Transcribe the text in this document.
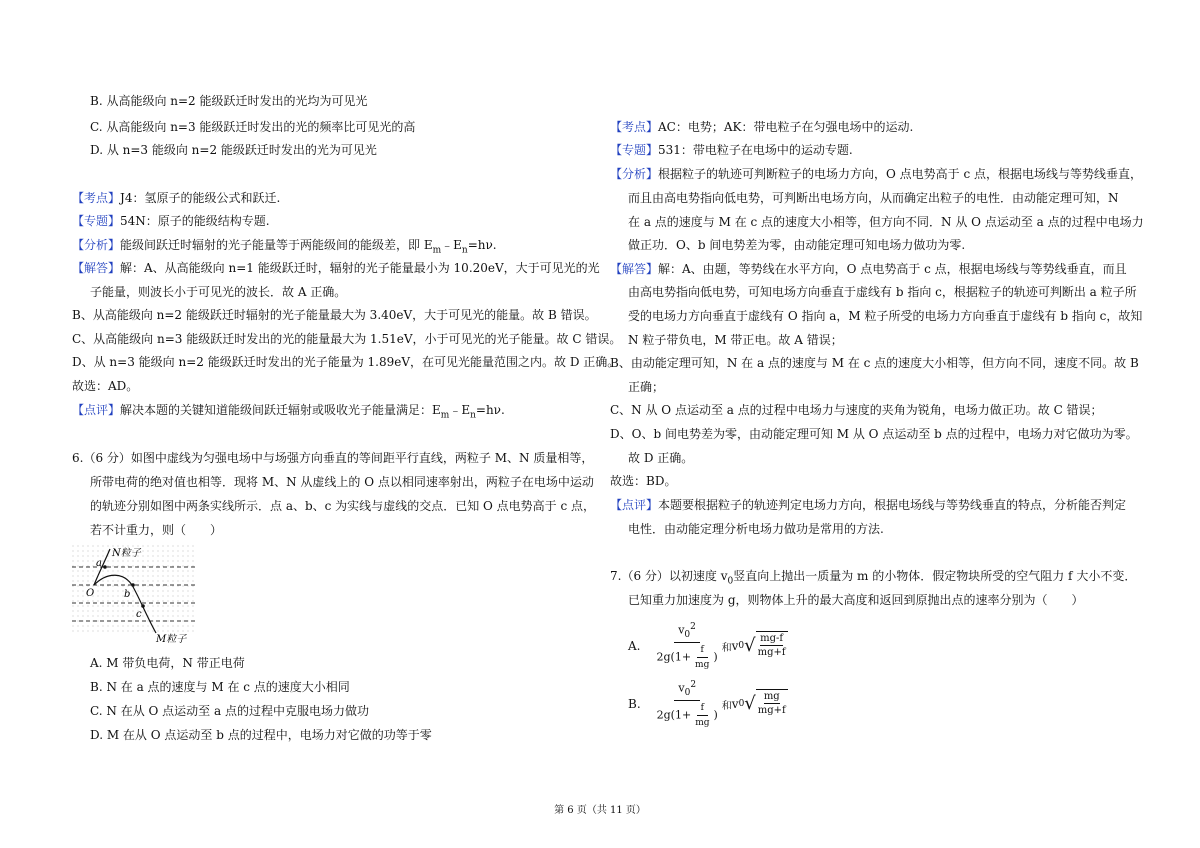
B. 从高能级向 n=2 能级跃迁时发出的光均为可见光
C. 从高能级向 n=3 能级跃迁时发出的光的频率比可见光的高
D. 从 n=3 能级向 n=2 能级跃迁时发出的光为可见光
【考点】J4：氢原子的能级公式和跃迁.
【专题】54N：原子的能级结构专题.
【分析】能级间跃迁时辐射的光子能量等于两能级间的能级差，即 $E_m﹣E_n=h\nu$.
【解答】解：A、从高能级向 n=1 能级跃迁时，辐射的光子能量最小为 10.20eV，大于可见光的光
子能量，则波长小于可见光的波长．故 A 正确。
B、从高能级向 n=2 能级跃迁时辐射的光子能量最大为 3.40eV，大于可见光的能量。故 B 错误。
C、从高能级向 n=3 能级跃迁时发出的光的能量最大为 1.51eV，小于可见光的光子能量。故 C 错误。
D、从 n=3 能级向 n=2 能级跃迁时发出的光子能量为 1.89eV，在可见光能量范围之内。故 D 正确。
故选：AD。
【点评】解决本题的关键知道能级间跃迁辐射或吸收光子能量满足：$E_m﹣E_n=h\nu$.
6.（6 分）如图中虚线为匀强电场中与场强方向垂直的等间距平行直线，两粒子 M、N 质量相等，
所带电荷的绝对值也相等．现将 M、N 从虚线上的 O 点以相同速率射出，两粒子在电场中运动
的轨迹分别如图中两条实线所示．点 a、b、c 为实线与虚线的交点．已知 O 点电势高于 c 点，
若不计重力，则（　　）
N粒子
a
O	b
c
M粒子
A. M 带负电荷，N 带正电荷
B. N 在 a 点的速度与 M 在 c 点的速度大小相同
C. N 在从 O 点运动至 a 点的过程中克服电场力做功
D. M 在从 O 点运动至 b 点的过程中，电场力对它做的功等于零
【考点】AC：电势；AK：带电粒子在匀强电场中的运动.
【专题】531：带电粒子在电场中的运动专题.
【分析】根据粒子的轨迹可判断粒子的电场力方向，O 点电势高于 c 点，根据电场线与等势线垂直，
而且由高电势指向低电势，可判断出电场方向，从而确定出粒子的电性．由动能定理可知，N
在 a 点的速度与 M 在 c 点的速度大小相等，但方向不同．N 从 O 点运动至 a 点的过程中电场力
做正功．O、b 间电势差为零，由动能定理可知电场力做功为零.
【解答】解：A、由题，等势线在水平方向，O 点电势高于 c 点，根据电场线与等势线垂直，而且
由高电势指向低电势，可知电场方向垂直于虚线有 b 指向 c，根据粒子的轨迹可判断出 a 粒子所
受的电场力方向垂直于虚线有 O 指向 a，M 粒子所受的电场力方向垂直于虚线有 b 指向 c，故知
N 粒子带负电，M 带正电。故 A 错误；
B、由动能定理可知，N 在 a 点的速度与 M 在 c 点的速度大小相等，但方向不同，速度不同。故 B
正确；
C、N 从 O 点运动至 a 点的过程中电场力与速度的夹角为锐角，电场力做正功。故 C 错误；
D、O、b 间电势差为零，由动能定理可知 M 从 O 点运动至 b 点的过程中，电场力对它做功为零。
故 D 正确。
故选：BD。
【点评】本题要根据粒子的轨迹判定电场力方向，根据电场线与等势线垂直的特点，分析能否判定
电性．由动能定理分析电场力做功是常用的方法.
7.（6 分）以初速度 $v_0$竖直向上抛出一质量为 m 的小物体．假定物块所受的空气阻力 f 大小不变．
已知重力加速度为 g，则物体上升的最大高度和返回到原抛出点的速率分别为（　　）
A. $\frac{v_0^2}{2g(1+ \frac{f}{mg} )}$ 和 v 0 √ mg-f
mg+f
B. $\frac{v_0^2}{2g(1+ \frac{f}{mg} )}$ 和 v 0 √ mg
mg+f
第 6 页（共 11 页）
